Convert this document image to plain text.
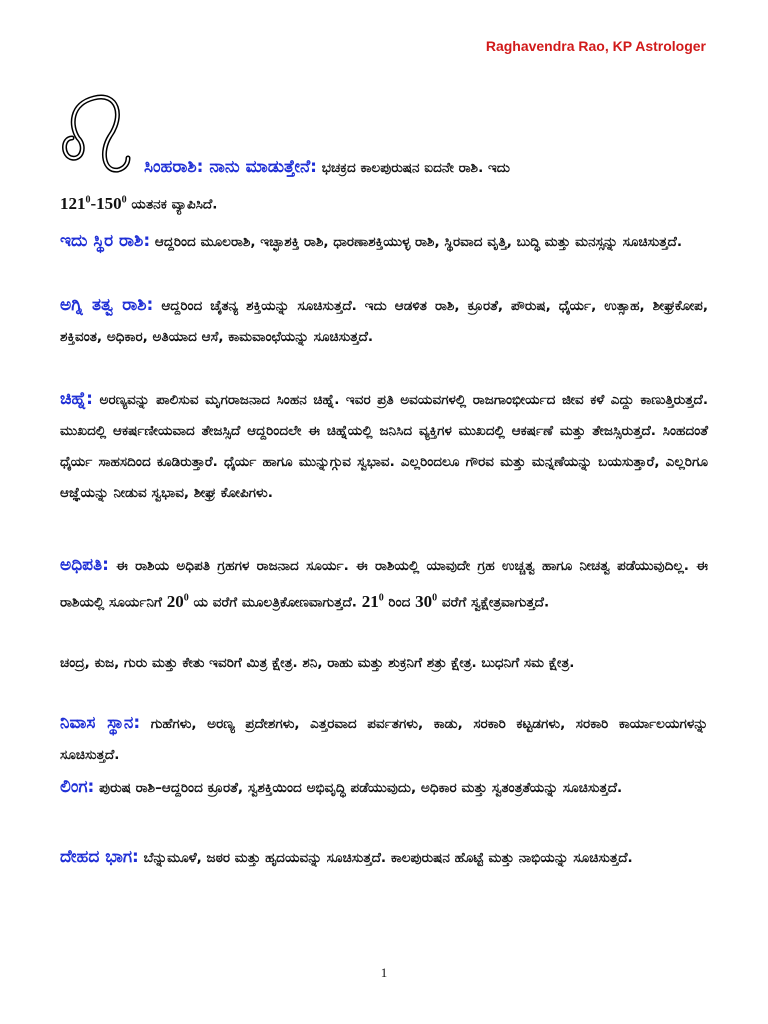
Raghavendra Rao, KP Astrologer
ಸಿಂಹರಾಶಿ: ನಾನು ಮಾಡುತ್ತೇನೆ: ಭಚಕ್ರದ ಕಾಲಪುರುಷನ ಐದನೇ ರಾಶಿ. ಇದು
$121^0-150^0$ ಯತನಕ ವ್ಯಾಪಿಸಿದೆ.
ಇದು ಸ್ಥಿರ ರಾಶಿ: ಆದ್ದರಿಂದ ಮೂಲರಾಶಿ, ಇಚ್ಛಾಶಕ್ತಿ ರಾಶಿ, ಧಾರಣಾಶಕ್ತಿಯುಳ್ಳ ರಾಶಿ, ಸ್ಥಿರವಾದ ವೃತ್ತಿ, ಬುದ್ಧಿ ಮತ್ತು ಮನಸ್ಸನ್ನು ಸೂಚಿಸುತ್ತದೆ.
ಅಗ್ನಿ ತತ್ವ ರಾಶಿ: ಆದ್ದರಿಂದ ಚೈತನ್ಯ ಶಕ್ತಿಯನ್ನು ಸೂಚಿಸುತ್ತದೆ. ಇದು ಆಡಳಿತ ರಾಶಿ, ಕ್ರೂರತೆ, ಪೌರುಷ, ಧೈರ್ಯ, ಉತ್ಸಾಹ, ಶೀಘ್ರಕೋಪ, ಶಕ್ತಿವಂತ, ಅಧಿಕಾರ, ಅತಿಯಾದ ಆಸೆ, ಕಾಮವಾಂಛೆಯನ್ನು ಸೂಚಿಸುತ್ತದೆ.
ಚಿಹ್ನೆ: ಅರಣ್ಯವನ್ನು ಪಾಲಿಸುವ ಮೃಗರಾಜನಾದ ಸಿಂಹನ ಚಿಹ್ನೆ. ಇವರ ಪ್ರತಿ ಅವಯವಗಳಲ್ಲಿ ರಾಜಗಾಂಭೀರ್ಯದ ಜೀವ ಕಳೆ ಎದ್ದು ಕಾಣುತ್ತಿರುತ್ತದೆ. ಮುಖದಲ್ಲಿ ಆಕರ್ಷಣೀಯವಾದ ತೇಜಸ್ಸಿದೆ ಆದ್ದರಿಂದಲೇ ಈ ಚಿಹ್ನೆಯಲ್ಲಿ ಜನಿಸಿದ ವ್ಯಕ್ತಿಗಳ ಮುಖದಲ್ಲಿ ಆಕರ್ಷಣೆ ಮತ್ತು ತೇಜಸ್ಸಿರುತ್ತದೆ. ಸಿಂಹದಂತೆ ಧೈರ್ಯ ಸಾಹಸದಿಂದ ಕೂಡಿರುತ್ತಾರೆ. ಧೈರ್ಯ ಹಾಗೂ ಮುನ್ನುಗ್ಗುವ ಸ್ವಭಾವ. ಎಲ್ಲರಿಂದಲೂ ಗೌರವ ಮತ್ತು ಮನ್ನಣೆಯನ್ನು ಬಯಸುತ್ತಾರೆ, ಎಲ್ಲರಿಗೂ ಆಜ್ಞೆಯನ್ನು ನೀಡುವ ಸ್ವಭಾವ, ಶೀಘ್ರ ಕೋಪಿಗಳು.
ಅಧಿಪತಿ: ಈ ರಾಶಿಯ ಅಧಿಪತಿ ಗ್ರಹಗಳ ರಾಜನಾದ ಸೂರ್ಯ. ಈ ರಾಶಿಯಲ್ಲಿ ಯಾವುದೇ ಗ್ರಹ ಉಚ್ಚತ್ವ ಹಾಗೂ ನೀಚತ್ವ ಪಡೆಯುವುದಿಲ್ಲ. ಈ ರಾಶಿಯಲ್ಲಿ ಸೂರ್ಯನಿಗೆ $20^0$ ಯ ವರೆಗೆ ಮೂಲತ್ರಿಕೋಣವಾಗುತ್ತದೆ. $21^0$ ರಿಂದ $30^0$ ವರೆಗೆ ಸ್ವಕ್ಷೇತ್ರವಾಗುತ್ತದೆ.
ಚಂದ್ರ, ಕುಜ, ಗುರು ಮತ್ತು ಕೇತು ಇವರಿಗೆ ಮಿತ್ರ ಕ್ಷೇತ್ರ. ಶನಿ, ರಾಹು ಮತ್ತು ಶುಕ್ರನಿಗೆ ಶತ್ರು ಕ್ಷೇತ್ರ. ಬುಧನಿಗೆ ಸಮ ಕ್ಷೇತ್ರ.
ನಿವಾಸ ಸ್ಥಾನ: ಗುಹೆಗಳು, ಅರಣ್ಯ ಪ್ರದೇಶಗಳು, ಎತ್ತರವಾದ ಪರ್ವತಗಳು, ಕಾಡು, ಸರಕಾರಿ ಕಟ್ಟಡಗಳು, ಸರಕಾರಿ ಕಾರ್ಯಾಲಯಗಳನ್ನು ಸೂಚಿಸುತ್ತದೆ.
ಲಿಂಗ: ಪುರುಷ ರಾಶಿ–ಆದ್ದರಿಂದ ಕ್ರೂರತೆ, ಸ್ವಶಕ್ತಿಯಿಂದ ಅಭಿವೃದ್ಧಿ ಪಡೆಯುವುದು, ಅಧಿಕಾರ ಮತ್ತು ಸ್ವತಂತ್ರತೆಯನ್ನು ಸೂಚಿಸುತ್ತದೆ.
ದೇಹದ ಭಾಗ: ಬೆನ್ನುಮೂಳೆ, ಜಠರ ಮತ್ತು ಹೃದಯವನ್ನು ಸೂಚಿಸುತ್ತದೆ. ಕಾಲಪುರುಷನ ಹೊಟ್ಟೆ ಮತ್ತು ನಾಭಿಯನ್ನು ಸೂಚಿಸುತ್ತದೆ.
1
